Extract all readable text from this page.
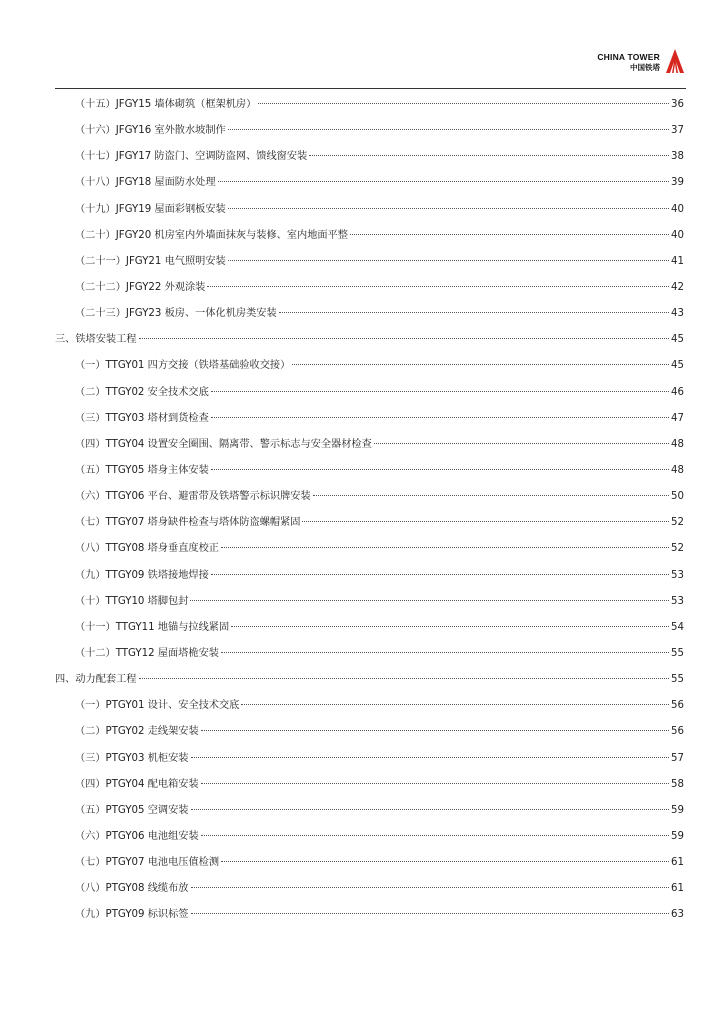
CHINA TOWER
中国铁塔
（十五）JFGY15 墙体砌筑（框架机房）	36
（十六）JFGY16 室外散水坡制作	37
（十七）JFGY17 防盗门、空调防盗网、馈线窗安装	38
（十八）JFGY18 屋面防水处理	39
（十九）JFGY19 屋面彩钢板安装	40
（二十）JFGY20 机房室内外墙面抹灰与装修、室内地面平整	40
（二十一）JFGY21 电气照明安装	41
（二十二）JFGY22 外观涂装	42
（二十三）JFGY23 板房、一体化机房类安装	43
三、铁塔安装工程	45
（一）TTGY01 四方交接（铁塔基础验收交接）	45
（二）TTGY02 安全技术交底	46
（三）TTGY03 塔材到货检查	47
（四）TTGY04 设置安全圈围、隔离带、警示标志与安全器材检查	48
（五）TTGY05 塔身主体安装	48
（六）TTGY06 平台、避雷带及铁塔警示标识牌安装	50
（七）TTGY07 塔身缺件检查与塔体防盗螺帽紧固	52
（八）TTGY08 塔身垂直度校正	52
（九）TTGY09 铁塔接地焊接	53
（十）TTGY10 塔脚包封	53
（十一）TTGY11 地锚与拉线紧固	54
（十二）TTGY12 屋面塔桅安装	55
四、动力配套工程	55
（一）PTGY01 设计、安全技术交底	56
（二）PTGY02 走线架安装	56
（三）PTGY03 机柜安装	57
（四）PTGY04 配电箱安装	58
（五）PTGY05 空调安装	59
（六）PTGY06 电池组安装	59
（七）PTGY07 电池电压值检测	61
（八）PTGY08 线缆布放	61
（九）PTGY09 标识标签	63
